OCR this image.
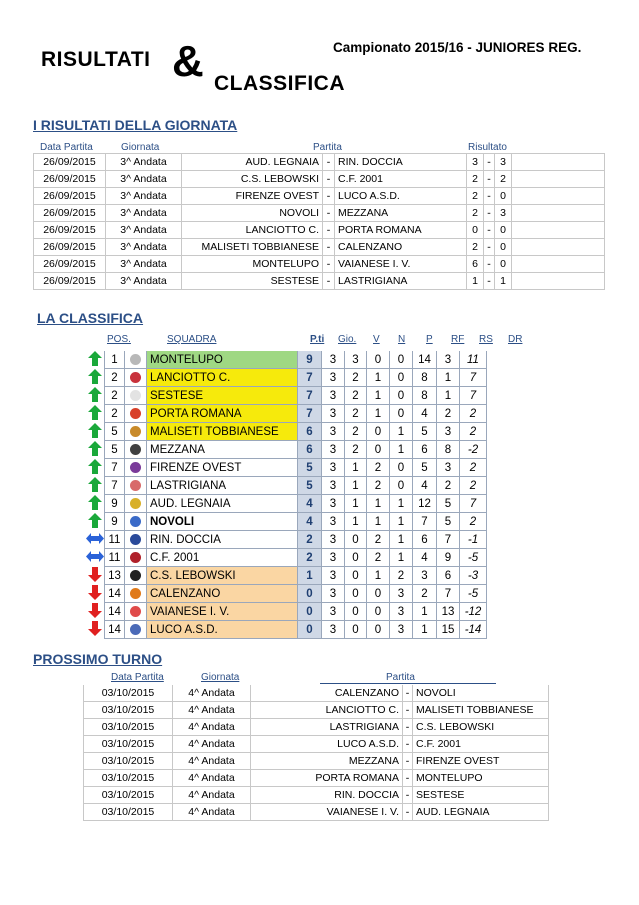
RISULTATI & CLASSIFICA
Campionato 2015/16 - JUNIORES REG.
I RISULTATI DELLA GIORNATA
Data Partita	Giornata	Partita	Risultato
26/09/2015	3^ Andata	AUD. LEGNAIA	-	RIN. DOCCIA	3	-	3	
26/09/2015	3^ Andata	C.S. LEBOWSKI	-	C.F. 2001	2	-	2	
26/09/2015	3^ Andata	FIRENZE OVEST	-	LUCO A.S.D.	2	-	0	
26/09/2015	3^ Andata	NOVOLI	-	MEZZANA	2	-	3	
26/09/2015	3^ Andata	LANCIOTTO C.	-	PORTA ROMANA	0	-	0	
26/09/2015	3^ Andata	MALISETI TOBBIANESE	-	CALENZANO	2	-	0	
26/09/2015	3^ Andata	MONTELUPO	-	VAIANESE I. V.	6	-	0	
26/09/2015	3^ Andata	SESTESE	-	LASTRIGIANA	1	-	1	
LA CLASSIFICA
POS.	SQUADRA	P.ti Gio. V N P RF RS DR
	1		MONTELUPO	9	3	3	0	0	14	3	11
	2		LANCIOTTO C.	7	3	2	1	0	8	1	7
	2		SESTESE	7	3	2	1	0	8	1	7
	2		PORTA ROMANA	7	3	2	1	0	4	2	2
	5		MALISETI TOBBIANESE	6	3	2	0	1	5	3	2
	5		MEZZANA	6	3	2	0	1	6	8	-2
	7		FIRENZE OVEST	5	3	1	2	0	5	3	2
	7		LASTRIGIANA	5	3	1	2	0	4	2	2
	9		AUD. LEGNAIA	4	3	1	1	1	12	5	7
	9		NOVOLI	4	3	1	1	1	7	5	2
	11		RIN. DOCCIA	2	3	0	2	1	6	7	-1
	11		C.F. 2001	2	3	0	2	1	4	9	-5
	13		C.S. LEBOWSKI	1	3	0	1	2	3	6	-3
	14		CALENZANO	0	3	0	0	3	2	7	-5
	14		VAIANESE I. V.	0	3	0	0	3	1	13	-12
	14		LUCO A.S.D.	0	3	0	0	3	1	15	-14
PROSSIMO TURNO
Data Partita	Giornata	Partita
03/10/2015	4^ Andata	CALENZANO	-	NOVOLI
03/10/2015	4^ Andata	LANCIOTTO C.	-	MALISETI TOBBIANESE
03/10/2015	4^ Andata	LASTRIGIANA	-	C.S. LEBOWSKI
03/10/2015	4^ Andata	LUCO A.S.D.	-	C.F. 2001
03/10/2015	4^ Andata	MEZZANA	-	FIRENZE OVEST
03/10/2015	4^ Andata	PORTA ROMANA	-	MONTELUPO
03/10/2015	4^ Andata	RIN. DOCCIA	-	SESTESE
03/10/2015	4^ Andata	VAIANESE I. V.	-	AUD. LEGNAIA
